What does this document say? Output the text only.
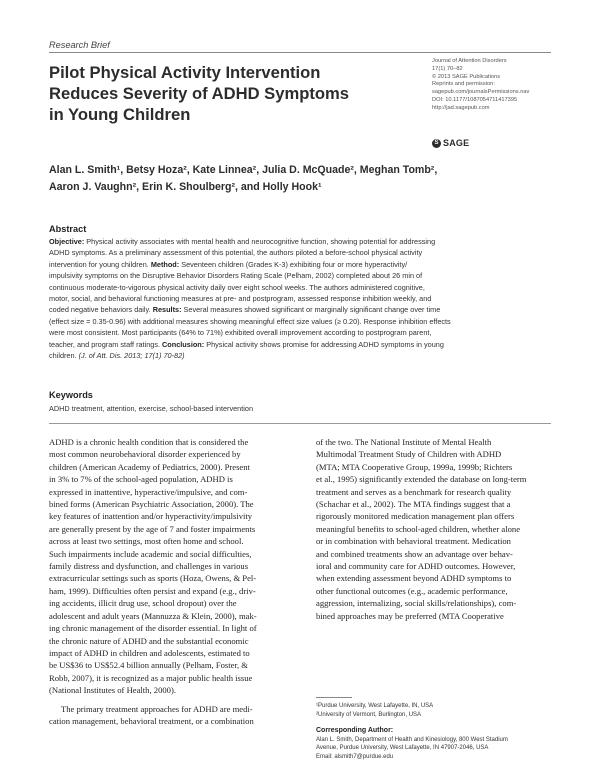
Research Brief
Pilot Physical Activity Intervention
Reduces Severity of ADHD Symptoms
in Young Children
Journal of Attention Disorders
17(1) 70–82
© 2013 SAGE Publications
Reprints and permission:
sagepub.com/journalsPermissions.nav
DOI: 10.1177/1087054711417395
http://jad.sagepub.com
S SAGE
Alan L. Smith¹, Betsy Hoza², Kate Linnea², Julia D. McQuade², Meghan Tomb²,
Aaron J. Vaughn², Erin K. Shoulberg², and Holly Hook¹
Abstract
Objective: Physical activity associates with mental health and neurocognitive function, showing potential for addressing
ADHD symptoms. As a preliminary assessment of this potential, the authors piloted a before-school physical activity
intervention for young children. Method: Seventeen children (Grades K-3) exhibiting four or more hyperactivity/
impulsivity symptoms on the Disruptive Behavior Disorders Rating Scale (Pelham, 2002) completed about 26 min of
continuous moderate-to-vigorous physical activity daily over eight school weeks. The authors administered cognitive,
motor, social, and behavioral functioning measures at pre- and postprogram, assessed response inhibition weekly, and
coded negative behaviors daily. Results: Several measures showed significant or marginally significant change over time
(effect size = 0.35-0.96) with additional measures showing meaningful effect size values (≥ 0.20). Response inhibition effects
were most consistent. Most participants (64% to 71%) exhibited overall improvement according to postprogram parent,
teacher, and program staff ratings. Conclusion: Physical activity shows promise for addressing ADHD symptoms in young
children. (J. of Att. Dis. 2013; 17(1) 70-82)
Keywords
ADHD treatment, attention, exercise, school-based intervention
ADHD is a chronic health condition that is considered the
most common neurobehavioral disorder experienced by
children (American Academy of Pediatrics, 2000). Present
in 3% to 7% of the school-aged population, ADHD is
expressed in inattentive, hyperactive/impulsive, and com-
bined forms (American Psychiatric Association, 2000). The
key features of inattention and/or hyperactivity/impulsivity
are generally present by the age of 7 and foster impairments
across at least two settings, most often home and school.
Such impairments include academic and social difficulties,
family distress and dysfunction, and challenges in various
extracurricular settings such as sports (Hoza, Owens, & Pel-
ham, 1999). Difficulties often persist and expand (e.g., driv-
ing accidents, illicit drug use, school dropout) over the
adolescent and adult years (Mannuzza & Klein, 2000), mak-
ing chronic management of the disorder essential. In light of
the chronic nature of ADHD and the substantial economic
impact of ADHD in children and adolescents, estimated to
be US$36 to US$52.4 billion annually (Pelham, Foster, &
Robb, 2007), it is recognized as a major public health issue
(National Institutes of Health, 2000).
The primary treatment approaches for ADHD are medi-
cation management, behavioral treatment, or a combination
of the two. The National Institute of Mental Health
Multimodal Treatment Study of Children with ADHD
(MTA; MTA Cooperative Group, 1999a, 1999b; Richters
et al., 1995) significantly extended the database on long-term
treatment and serves as a benchmark for research quality
(Schachar et al., 2002). The MTA findings suggest that a
rigorously monitored medication management plan offers
meaningful benefits to school-aged children, whether alone
or in combination with behavioral treatment. Medication
and combined treatments show an advantage over behav-
ioral and community care for ADHD outcomes. However,
when extending assessment beyond ADHD symptoms to
other functional outcomes (e.g., academic performance,
aggression, internalizing, social skills/relationships), com-
bined approaches may be preferred (MTA Cooperative
¹Purdue University, West Lafayette, IN, USA
²University of Vermont, Burlington, USA
Corresponding Author:
Alan L. Smith, Department of Health and Kinesiology, 800 West Stadium
Avenue, Purdue University, West Lafayette, IN 47907-2046, USA
Email: alsmith7@purdue.edu
